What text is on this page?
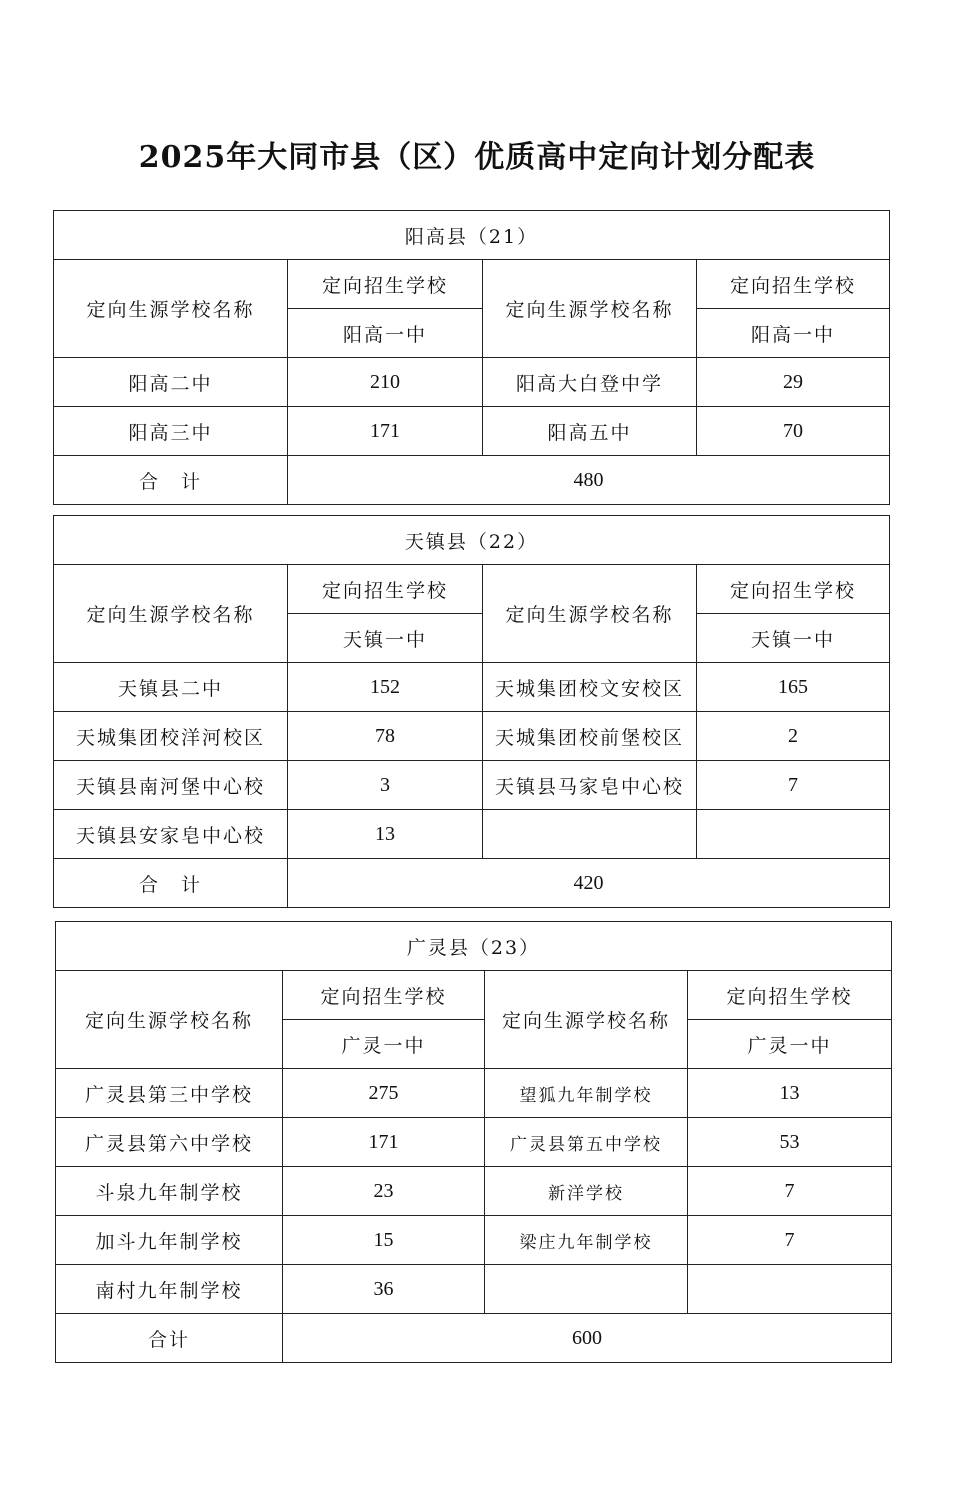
2025年大同市县（区）优质高中定向计划分配表
阳高县（21）			
定向生源学校名称	定向招生学校	定向生源学校名称	定向招生学校
	阳高一中		阳高一中
阳高二中	210	阳高大白登中学	29
阳高三中	171	阳高五中	70
合　计	480		
天镇县（22）			
定向生源学校名称	定向招生学校	定向生源学校名称	定向招生学校
	天镇一中		天镇一中
天镇县二中	152	天城集团校文安校区	165
天城集团校洋河校区	78	天城集团校前堡校区	2
天镇县南河堡中心校	3	天镇县马家皂中心校	7
天镇县安家皂中心校	13		
合　计	420		
广灵县（23）			
定向生源学校名称	定向招生学校	定向生源学校名称	定向招生学校
	广灵一中		广灵一中
广灵县第三中学校	275	望狐九年制学校	13
广灵县第六中学校	171	广灵县第五中学校	53
斗泉九年制学校	23	新洋学校	7
加斗九年制学校	15	梁庄九年制学校	7
南村九年制学校	36		
合计	600		
